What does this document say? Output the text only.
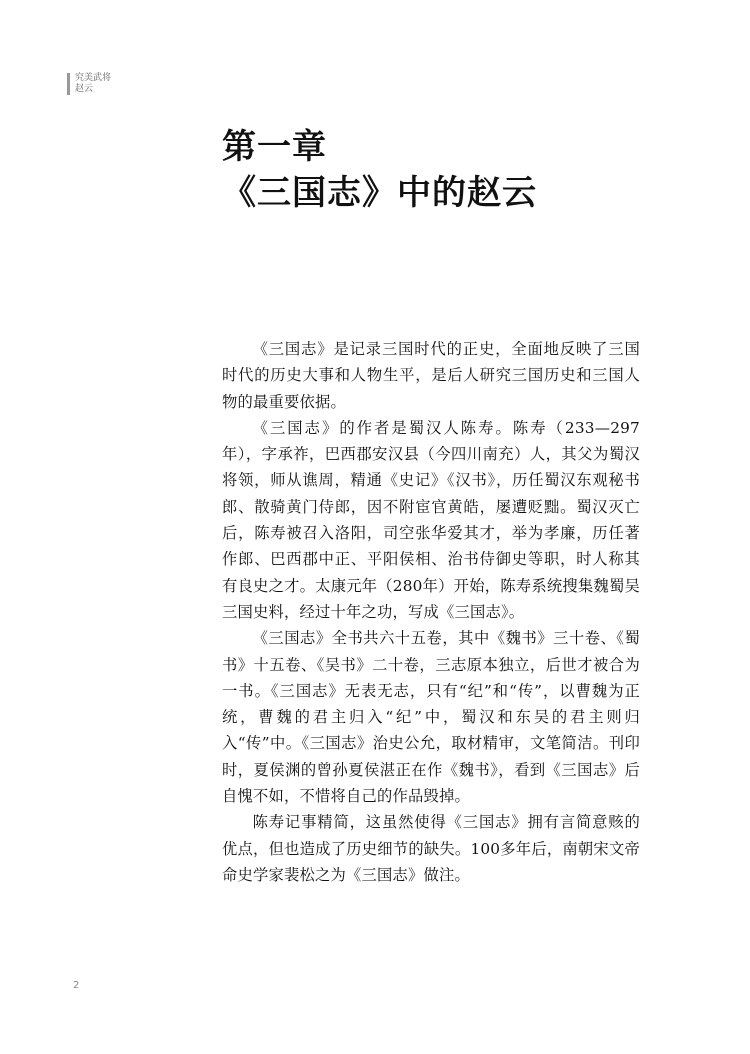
究美武将
赵云
第一章
《三国志》中的赵云

《三国志》是记录三国时代的正史，全面地反映了三国时代的历史大事和人物生平，是后人研究三国历史和三国人物的最重要依据。

《三国志》的作者是蜀汉人陈寿。陈寿（233—297年），字承祚，巴西郡安汉县（今四川南充）人，其父为蜀汉将领，师从谯周，精通《史记》《汉书》，历任蜀汉东观秘书郎、散骑黄门侍郎，因不附宦官黄皓，屡遭贬黜。蜀汉灭亡后，陈寿被召入洛阳，司空张华爱其才，举为孝廉，历任著作郎、巴西郡中正、平阳侯相、治书侍御史等职，时人称其有良史之才。太康元年（280年）开始，陈寿系统搜集魏蜀吴三国史料，经过十年之功，写成《三国志》。

《三国志》全书共六十五卷，其中《魏书》三十卷、《蜀书》十五卷、《吴书》二十卷，三志原本独立，后世才被合为一书。《三国志》无表无志，只有“纪”和“传”，以曹魏为正统，曹魏的君主归入“纪”中，蜀汉和东吴的君主则归入“传”中。《三国志》治史公允，取材精审，文笔简洁。刊印时，夏侯渊的曾孙夏侯湛正在作《魏书》，看到《三国志》后自愧不如，不惜将自己的作品毁掉。

陈寿记事精简，这虽然使得《三国志》拥有言简意赅的优点，但也造成了历史细节的缺失。100多年后，南朝宋文帝命史学家裴松之为《三国志》做注。

2
